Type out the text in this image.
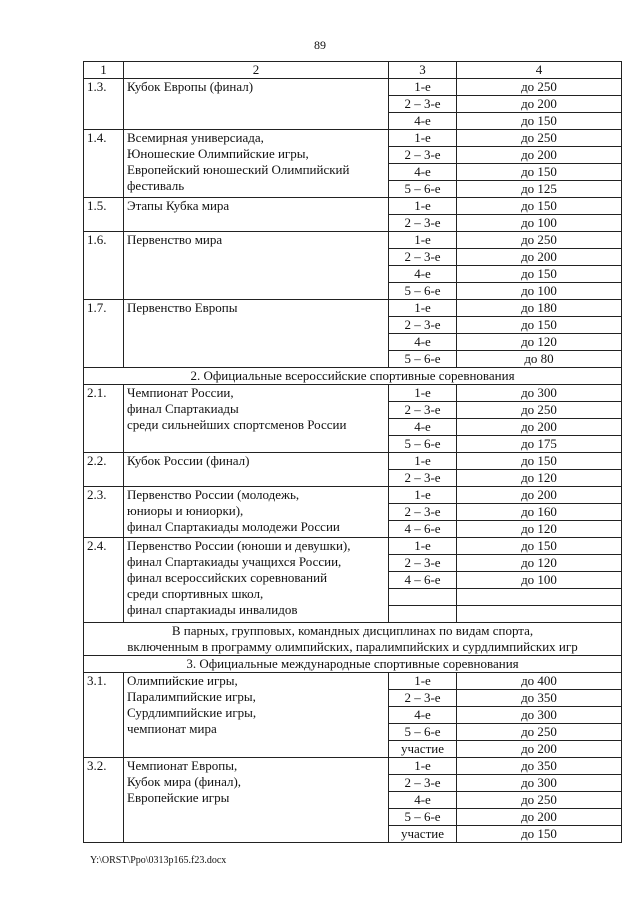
89
1	2	3	4
1.3.	Кубок Европы (финал)	1-е	до 250
		2 – 3-е	до 200
		4-е	до 150
1.4.	Всемирная универсиада,
Юношеские Олимпийские игры,
Европейский юношеский Олимпийский
фестиваль	1-е	до 250
		2 – 3-е	до 200
		4-е	до 150
		5 – 6-е	до 125
1.5.	Этапы Кубка мира	1-е	до 150
		2 – 3-е	до 100
1.6.	Первенство мира	1-е	до 250
		2 – 3-е	до 200
		4-е	до 150
		5 – 6-е	до 100
1.7.	Первенство Европы	1-е	до 180
		2 – 3-е	до 150
		4-е	до 120
		5 – 6-е	до 80

2. Официальные всероссийские спортивные соревнования			

2.1.	Чемпионат России,
финал Спартакиады
среди сильнейших спортсменов России	1-е	до 300
		2 – 3-е	до 250
		4-е	до 200
		5 – 6-е	до 175
2.2.	Кубок России (финал)	1-е	до 150
		2 – 3-е	до 120
2.3.	Первенство России (молодежь,
юниоры и юниорки),
финал Спартакиады молодежи России	1-е	до 200
		2 – 3-е	до 160
		4 – 6-е	до 120
2.4.	Первенство России (юноши и девушки),
финал Спартакиады учащихся России,
финал всероссийских соревнований
среди спортивных школ,
финал спартакиады инвалидов	1-е	до 150
		2 – 3-е	до 120
		4 – 6-е	до 100

В парных, групповых, командных дисциплинах по видам спорта,
включенным в программу олимпийских, паралимпийских и сурдлимпийских игр			

3. Официальные международные спортивные соревнования			

3.1.	Олимпийские игры,
Паралимпийские игры,
Сурдлимпийские игры,
чемпионат мира	1-е	до 400
		2 – 3-е	до 350
		4-е	до 300
		5 – 6-е	до 250
		участие	до 200
3.2.	Чемпионат Европы,
Кубок мира (финал),
Европейские игры	1-е	до 350
		2 – 3-е	до 300
		4-е	до 250
		5 – 6-е	до 200
		участие	до 150
Y:\ORST\Ppo\0313p165.f23.docx
